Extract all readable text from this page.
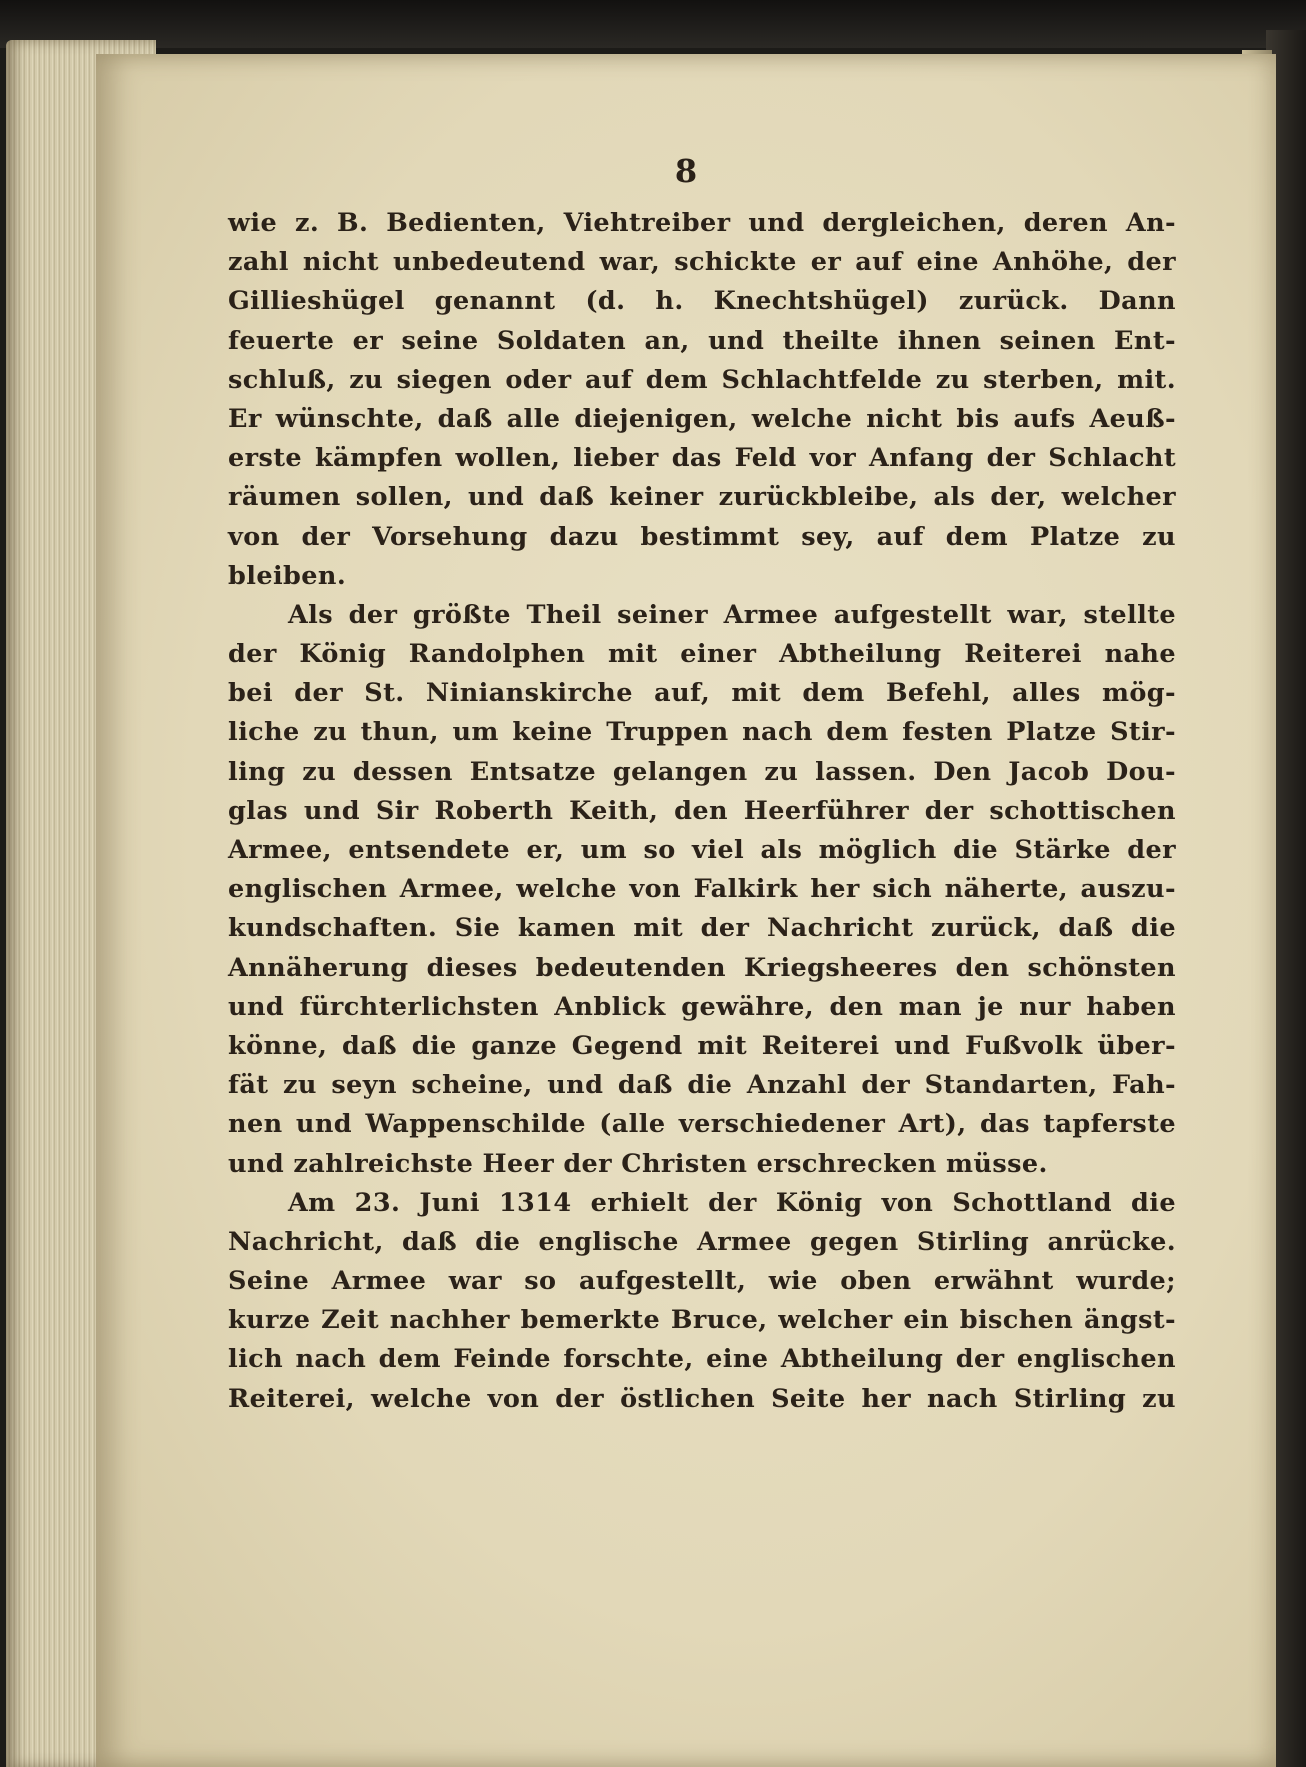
8
wie z. B. Bedienten, Viehtreiber und dergleichen, deren An-
zahl nicht unbedeutend war, schickte er auf eine Anhöhe, der
Gillieshügel genannt (d. h. Knechtshügel) zurück. Dann
feuerte er seine Soldaten an, und theilte ihnen seinen Ent-
schluß, zu siegen oder auf dem Schlachtfelde zu sterben, mit.
Er wünschte, daß alle diejenigen, welche nicht bis aufs Aeuß-
erste kämpfen wollen, lieber das Feld vor Anfang der Schlacht
räumen sollen, und daß keiner zurückbleibe, als der, welcher
von der Vorsehung dazu bestimmt sey, auf dem Platze zu
bleiben.
Als der größte Theil seiner Armee aufgestellt war, stellte
der König Randolphen mit einer Abtheilung Reiterei nahe
bei der St. Ninianskirche auf, mit dem Befehl, alles mög-
liche zu thun, um keine Truppen nach dem festen Platze Stir-
ling zu dessen Entsatze gelangen zu lassen. Den Jacob Dou-
glas und Sir Roberth Keith, den Heerführer der schottischen
Armee, entsendete er, um so viel als möglich die Stärke der
englischen Armee, welche von Falkirk her sich näherte, auszu-
kundschaften. Sie kamen mit der Nachricht zurück, daß die
Annäherung dieses bedeutenden Kriegsheeres den schönsten
und fürchterlichsten Anblick gewähre, den man je nur haben
könne, daß die ganze Gegend mit Reiterei und Fußvolk über-
fät zu seyn scheine, und daß die Anzahl der Standarten, Fah-
nen und Wappenschilde (alle verschiedener Art), das tapferste
und zahlreichste Heer der Christen erschrecken müsse.
Am 23. Juni 1314 erhielt der König von Schottland die
Nachricht, daß die englische Armee gegen Stirling anrücke.
Seine Armee war so aufgestellt, wie oben erwähnt wurde;
kurze Zeit nachher bemerkte Bruce, welcher ein bischen ängst-
lich nach dem Feinde forschte, eine Abtheilung der englischen
Reiterei, welche von der östlichen Seite her nach Stirling zu
